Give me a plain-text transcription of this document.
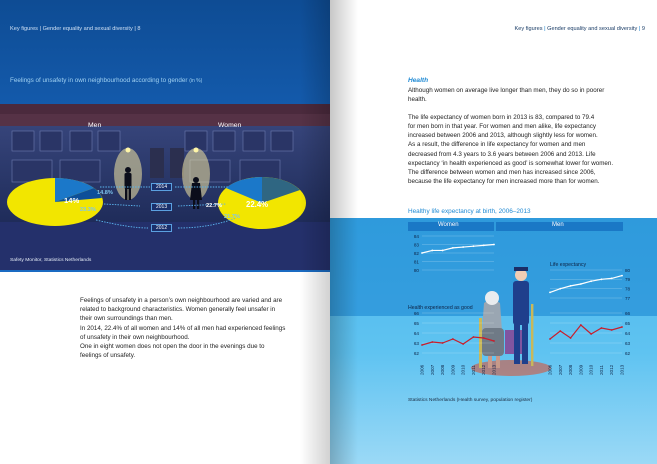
Key figures | Gender equality and sexual diversity | 8
Feelings of unsafety in own neighbourhood according to gender (in %)
Men	Women
14%
14.8%
23.3%
22.7%
21.7%
22.4%
2014
2013
2012
Safety Monitor, Statistics Netherlands

Feelings of unsafety in a person’s own neighbourhood are varied and are
related to background characteristics. Women generally feel unsafer in
their own surroundings than men.
In 2014, 22.4% of all women and 14% of all men had experienced feelings
of unsafety in their own neighbourhood.
One in eight women does not open the door in the evenings due to
feelings of unsafety.

Key figures | Gender equality and sexual diversity | 9
Health

Although women on average live longer than men, they do so in poorer
health.

The life expectancy of women born in 2013 is 83, compared to 79.4
for men born in that year. For women and men alike, life expectancy
increased between 2006 and 2013, although slightly less for women.
As a result, the difference in life expectancy for women and men
decreased from 4.3 years to 3.6 years between 2006 and 2013. Life
expectancy ‘in health experienced as good’ is somewhat lower for women.
The difference between women and men has increased since 2006,
because the life expectancy for men increased more than for women.

Healthy life expectancy at birth, 2006–2013
84
83
82
81
80	80
79
78
77
66
65
64
63
62
66
65
64
63
62
2006 2007 2008 2009 2010 2011 2012 2013	2006 2007 2008 2009 2010 2011 2012 2013
Women	Men
Life expectancy
Health experienced as good
Statistics Netherlands (Health survey, population register)
